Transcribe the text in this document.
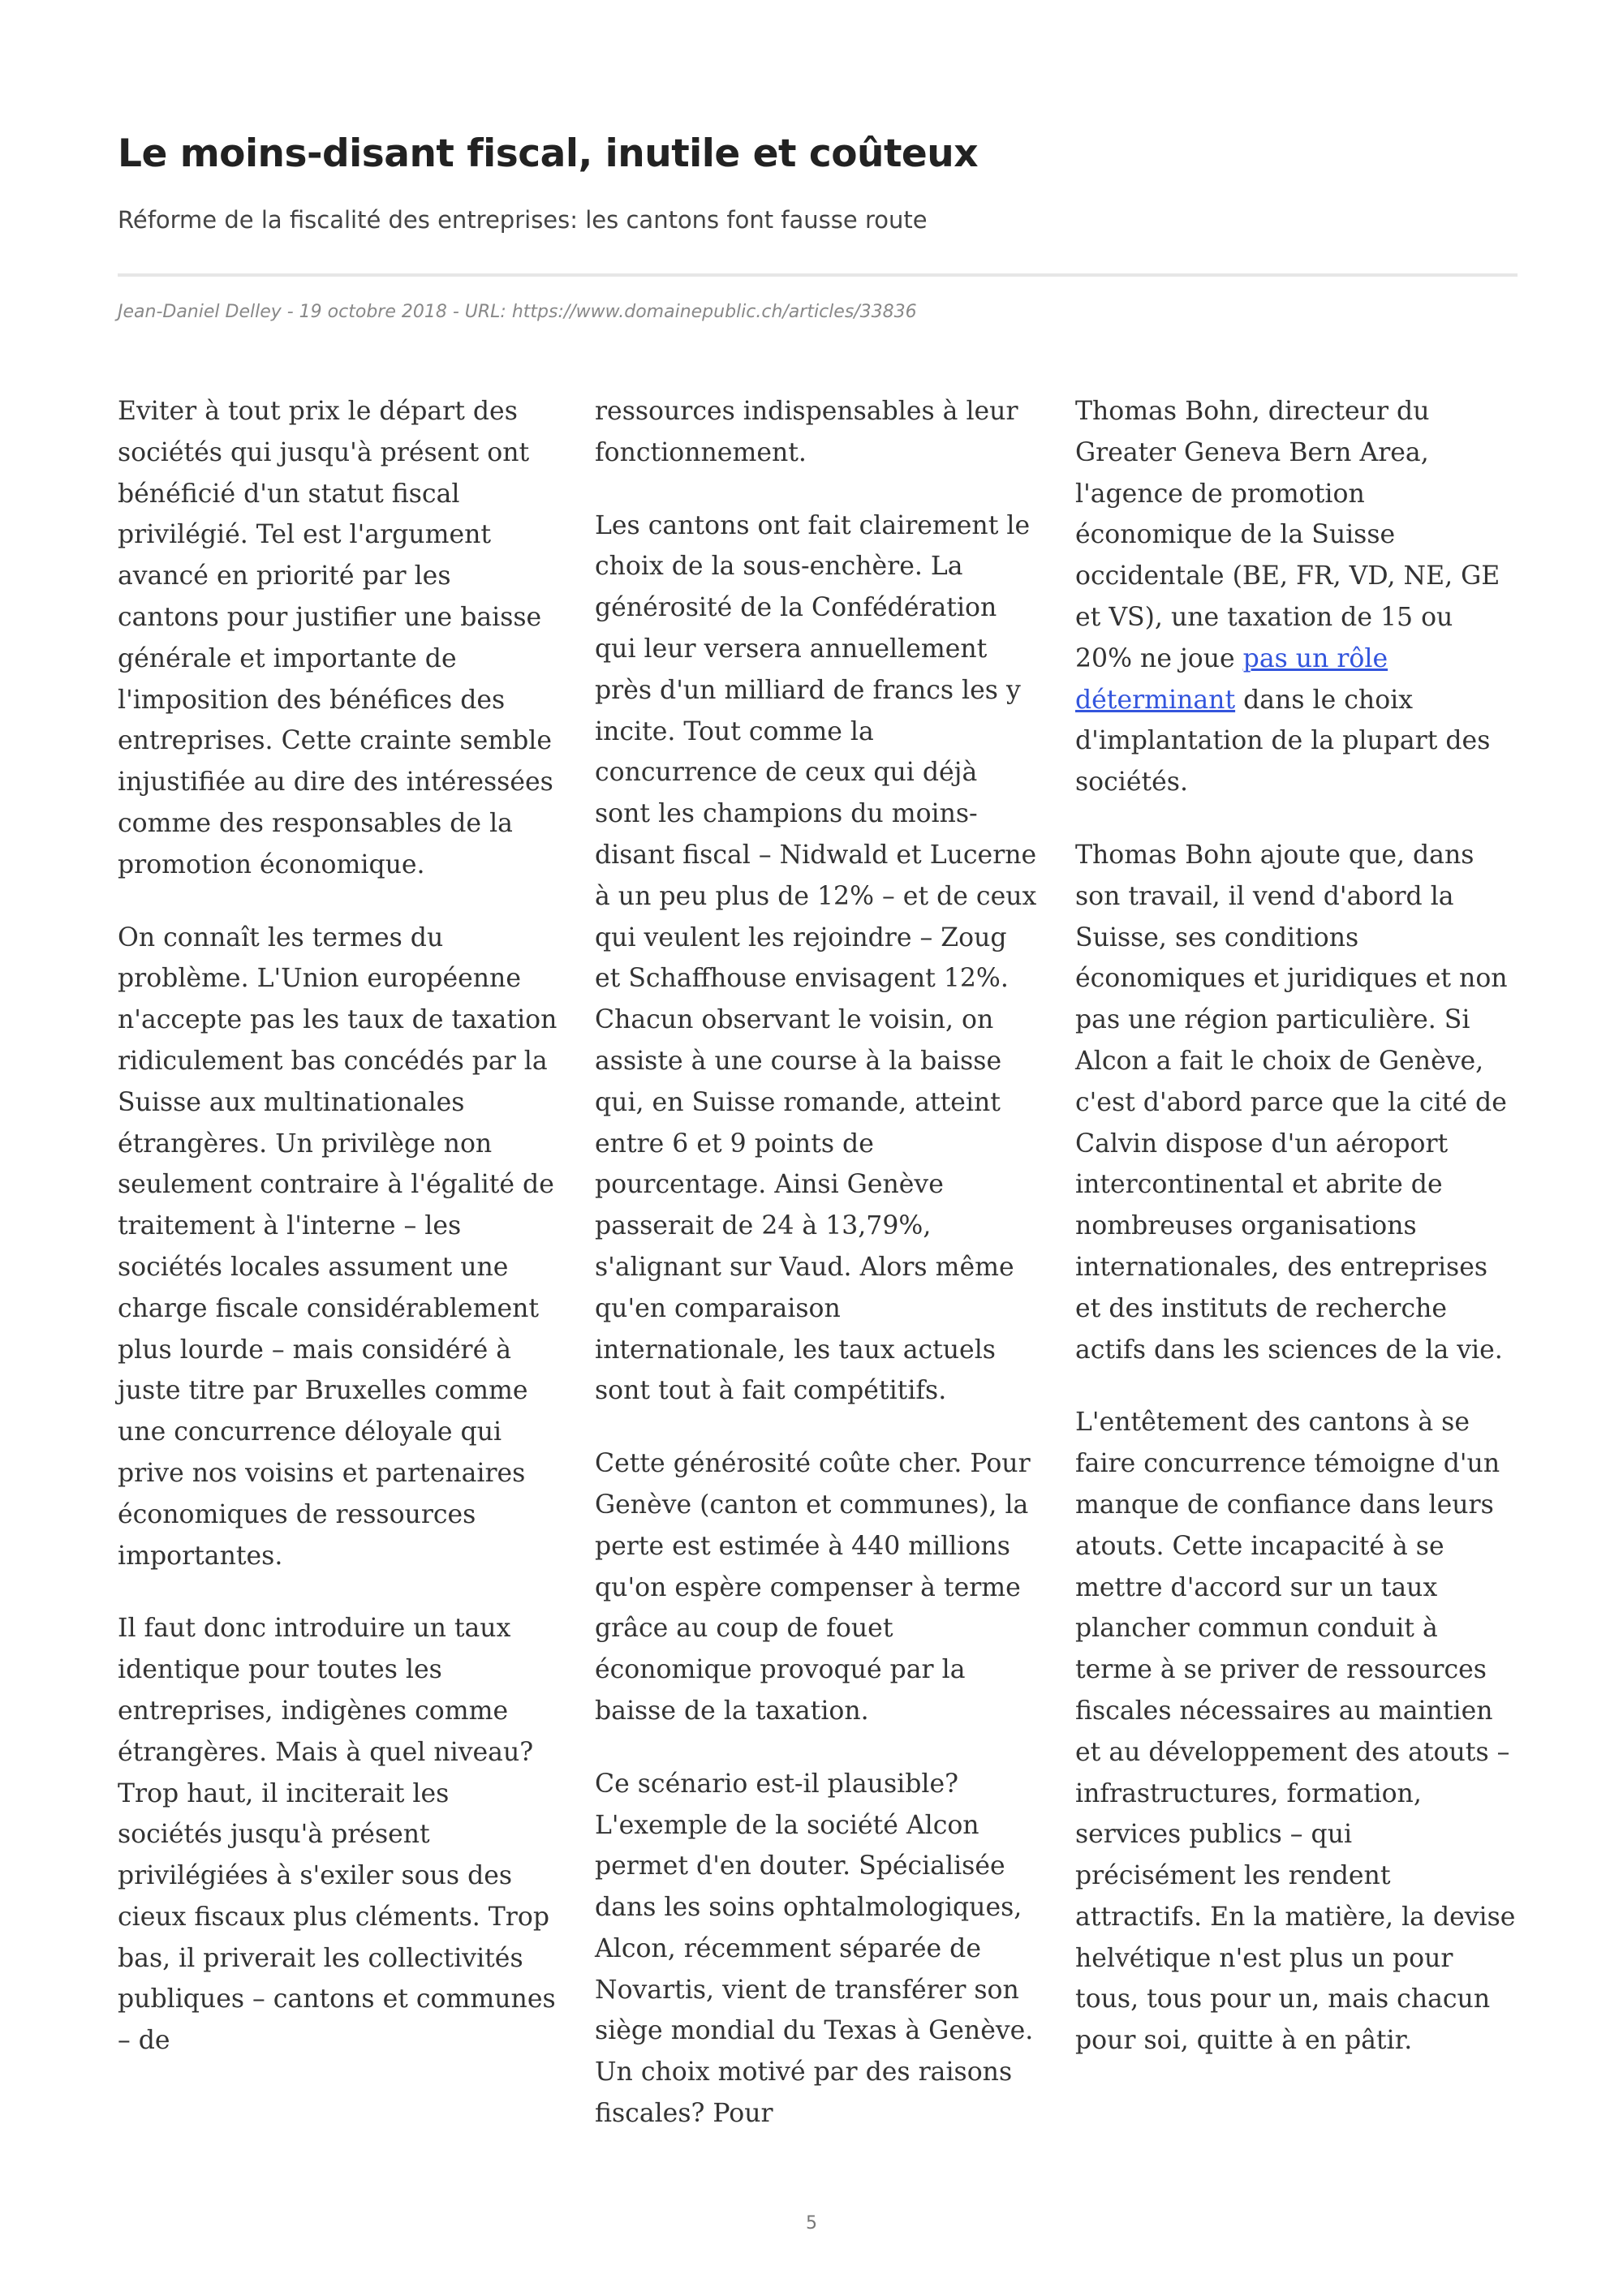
Le moins-disant fiscal, inutile et coûteux

Réforme de la fiscalité des entreprises: les cantons font fausse route

Jean-Daniel Delley - 19 octobre 2018 - URL: https://www.domainepublic.ch/articles/33836

Eviter à tout prix le départ des sociétés qui jusqu'à présent ont bénéficié d'un statut fiscal privilégié. Tel est l'argument avancé en priorité par les cantons pour justifier une baisse générale et importante de l'imposition des bénéfices des entreprises. Cette crainte semble injustifiée au dire des intéressées comme des responsables de la promotion économique.

On connaît les termes du problème. L'Union européenne n'accepte pas les taux de taxation ridiculement bas concédés par la Suisse aux multinationales étrangères. Un privilège non seulement contraire à l'égalité de traitement à l'interne – les sociétés locales assument une charge fiscale considérablement plus lourde – mais considéré à juste titre par Bruxelles comme une concurrence déloyale qui prive nos voisins et partenaires économiques de ressources importantes.

Il faut donc introduire un taux identique pour toutes les entreprises, indigènes comme étrangères. Mais à quel niveau? Trop haut, il inciterait les sociétés jusqu'à présent privilégiées à s'exiler sous des cieux fiscaux plus cléments. Trop bas, il priverait les collectivités publiques – cantons et communes – de

ressources indispensables à leur fonctionnement.

Les cantons ont fait clairement le choix de la sous-enchère. La générosité de la Confédération qui leur versera annuellement près d'un milliard de francs les y incite. Tout comme la concurrence de ceux qui déjà sont les champions du moins-disant fiscal – Nidwald et Lucerne à un peu plus de 12% – et de ceux qui veulent les rejoindre – Zoug et Schaffhouse envisagent 12%. Chacun observant le voisin, on assiste à une course à la baisse qui, en Suisse romande, atteint entre 6 et 9 points de pourcentage. Ainsi Genève passerait de 24 à 13,79%, s'alignant sur Vaud. Alors même qu'en comparaison internationale, les taux actuels sont tout à fait compétitifs.

Cette générosité coûte cher. Pour Genève (canton et communes), la perte est estimée à 440 millions qu'on espère compenser à terme grâce au coup de fouet économique provoqué par la baisse de la taxation.

Ce scénario est-il plausible? L'exemple de la société Alcon permet d'en douter. Spécialisée dans les soins ophtalmologiques, Alcon, récemment séparée de Novartis, vient de transférer son siège mondial du Texas à Genève. Un choix motivé par des raisons fiscales? Pour

Thomas Bohn, directeur du Greater Geneva Bern Area, l'agence de promotion économique de la Suisse occidentale (BE, FR, VD, NE, GE et VS), une taxation de 15 ou 20% ne joue pas un rôle déterminant dans le choix d'implantation de la plupart des sociétés.

Thomas Bohn ajoute que, dans son travail, il vend d'abord la Suisse, ses conditions économiques et juridiques et non pas une région particulière. Si Alcon a fait le choix de Genève, c'est d'abord parce que la cité de Calvin dispose d'un aéroport intercontinental et abrite de nombreuses organisations internationales, des entreprises et des instituts de recherche actifs dans les sciences de la vie.

L'entêtement des cantons à se faire concurrence témoigne d'un manque de confiance dans leurs atouts. Cette incapacité à se mettre d'accord sur un taux plancher commun conduit à terme à se priver de ressources fiscales nécessaires au maintien et au développement des atouts – infrastructures, formation, services publics – qui précisément les rendent attractifs. En la matière, la devise helvétique n'est plus un pour tous, tous pour un, mais chacun pour soi, quitte à en pâtir.

5
